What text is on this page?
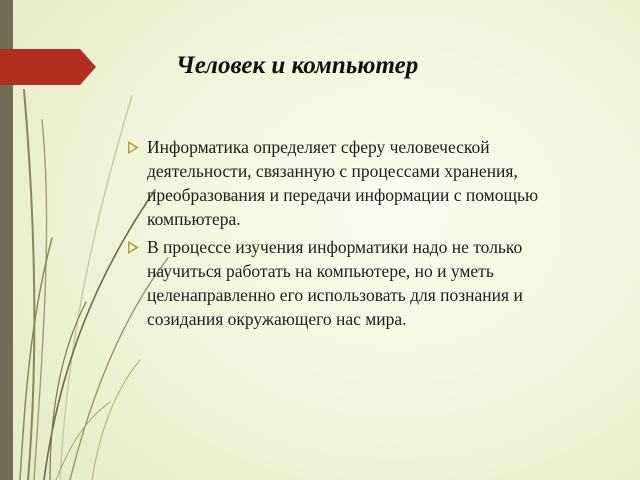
Человек и компьютер
Информатика определяет сферу человеческой деятельности, связанную с процессами хранения, преобразования и передачи информации с помощью компьютера.
В процессе изучения информатики надо не только научиться работать на компьютере, но и уметь целенаправленно его использовать для познания и созидания окружающего нас мира.
